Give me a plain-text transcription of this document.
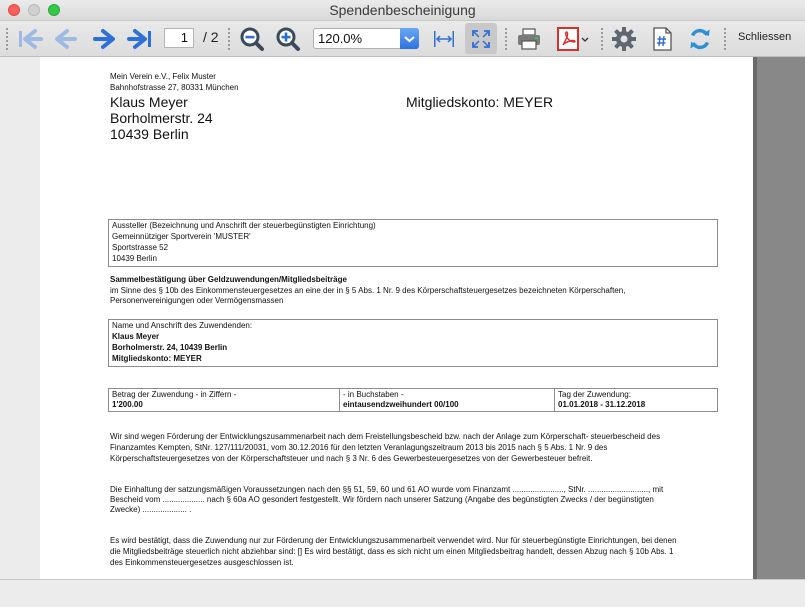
Spendenbescheinigung
1	/ 2	120.0%	Schliessen
Mein Verein e.V., Felix Muster
Bahnhofstrasse 27, 80331 München
Klaus Meyer
Borholmerstr. 24
10439 Berlin
Mitgliedskonto: MEYER
Aussteller (Bezeichnung und Anschrift der steuerbegünstigten Einrichtung)
Gemeinnütziger Sportverein 'MUSTER'
Sportstrasse 52
10439 Berlin
Sammelbestätigung über Geldzuwendungen/Mitgliedsbeiträge
im Sinne des § 10b des Einkommensteuergesetzes an eine der in § 5 Abs. 1 Nr. 9 des Körperschaftsteuergesetzes bezeichneten Körperschaften,
Personenvereinigungen oder Vermögensmassen
Name und Anschrift des Zuwendenden:
Klaus Meyer
Borholmerstr. 24, 10439 Berlin
Mitgliedskonto: MEYER
Betrag der Zuwendung - in Ziffern -
1'200.00
- in Buchstaben -
eintausendzweihundert 00/100
Tag der Zuwendung:
01.01.2018 - 31.12.2018
Wir sind wegen Förderung der Entwicklungszusammenarbeit nach dem Freistellungsbescheid bzw. nach der Anlage zum Körperschaft- steuerbescheid des
Finanzamtes Kempten, StNr. 127/111/20031, vom 30.12.2016 für den letzten Veranlagungszeitraum 2013 bis 2015 nach § 5 Abs. 1 Nr. 9 des
Körperschaftsteuergesetzes von der Körperschaftsteuer und nach § 3 Nr. 6 des Gewerbesteuergesetzes von der Gewerbesteuer befreit.
Die Einhaltung der satzungsmäßigen Voraussetzungen nach den §§ 51, 59, 60 und 61 AO wurde vom Finanzamt ......................., StNr. ..........................., mit
Bescheid vom ................... nach § 60a AO gesondert festgestellt. Wir fördern nach unserer Satzung (Angabe des begünstigten Zwecks / der begünstigten
Zwecke) .................... .
Es wird bestätigt, dass die Zuwendung nur zur Förderung der Entwicklungszusammenarbeit verwendet wird. Nur für steuerbegünstigte Einrichtungen, bei denen
die Mitgliedsbeiträge steuerlich nicht abziehbar sind: [] Es wird bestätigt, dass es sich nicht um einen Mitgliedsbeitrag handelt, dessen Abzug nach § 10b Abs. 1
des Einkommensteuergesetzes ausgeschlossen ist.
